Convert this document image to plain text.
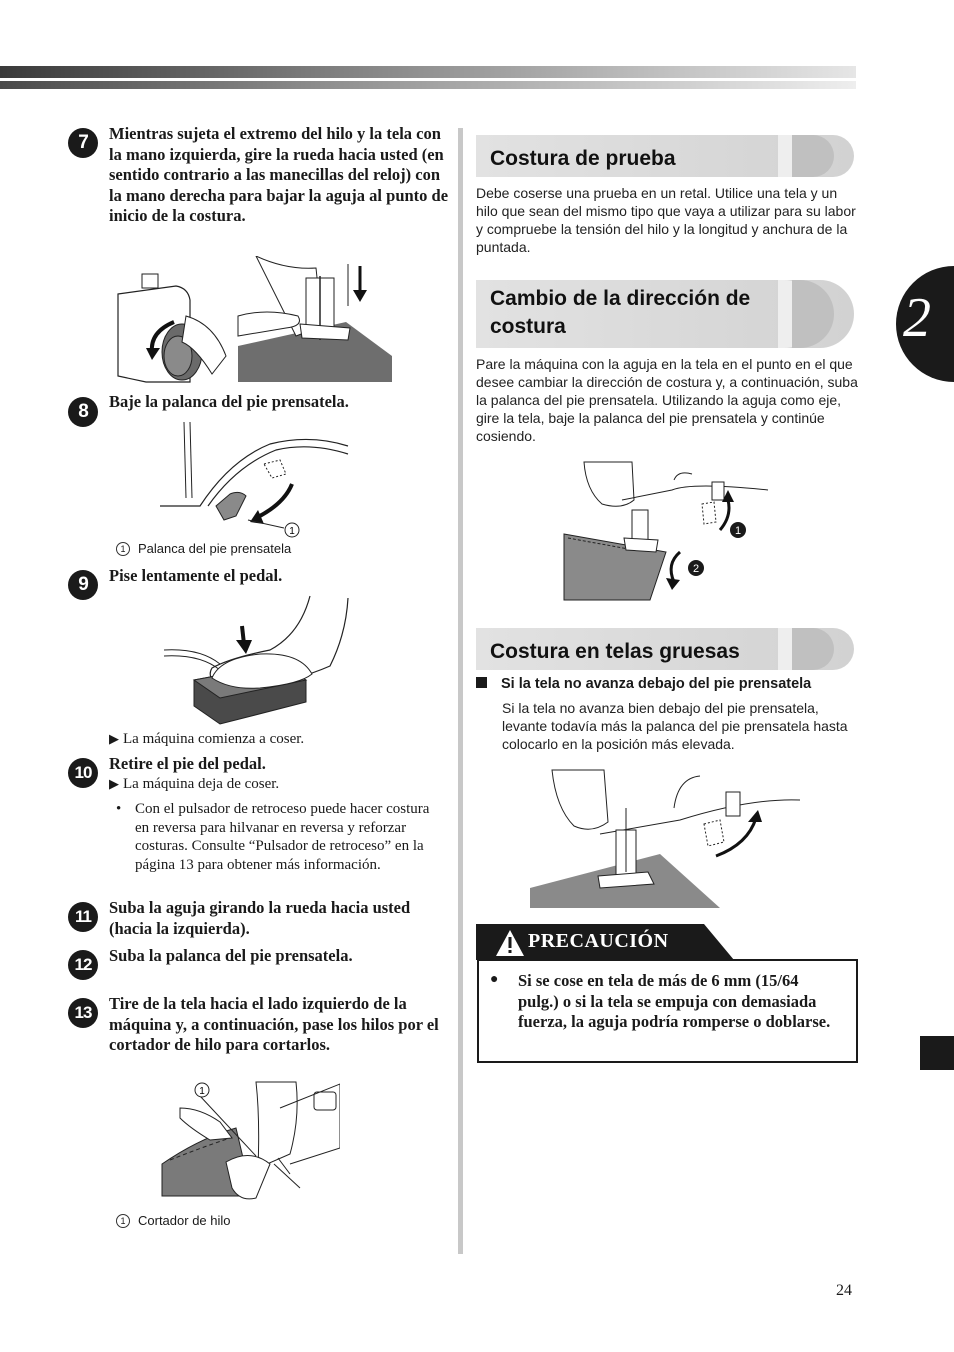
2
7	Mientras sujeta el extremo del hilo y la tela con la mano izquierda, gire la rueda hacia usted (en sentido contrario a las manecillas del reloj) con la mano derecha para bajar la aguja al punto de inicio de la costura.
8	Baje la palanca del pie prensatela.
1
1 Palanca del pie prensatela
9	Pise lentamente el pedal.
▶ La máquina comienza a coser.
10	Retire el pie del pedal.
▶ La máquina deja de coser.
• Con el pulsador de retroceso puede hacer costura en reversa para hilvanar en reversa y reforzar costuras. Consulte “Pulsador de retroceso” en la página 13 para obtener más información.
11	Suba la aguja girando la rueda hacia usted (hacia la izquierda).
12	Suba la palanca del pie prensatela.
13	Tire de la tela hacia el lado izquierdo de la máquina y, a continuación, pase los hilos por el cortador de hilo para cortarlos.
1
1 Cortador de hilo
Costura de prueba
Debe coserse una prueba en un retal. Utilice una tela y un hilo que sean del mismo tipo que vaya a utilizar para su labor y compruebe la tensión del hilo y la longitud y anchura de la puntada.
Cambio de la dirección de costura
Pare la máquina con la aguja en la tela en el punto en el que desee cambiar la dirección de costura y, a continuación, suba la palanca del pie prensatela. Utilizando la aguja como eje, gire la tela, baje la palanca del pie prensatela y continúe cosiendo.
1
2
Costura en telas gruesas
Si la tela no avanza debajo del pie prensatela
Si la tela no avanza bien debajo del pie prensatela, levante todavía más la palanca del pie prensatela hasta colocarlo en la posición más elevada.
PRECAUCIÓN
● Si se cose en tela de más de 6 mm (15/64 pulg.) o si la tela se empuja con demasiada fuerza, la aguja podría romperse o doblarse.
24
